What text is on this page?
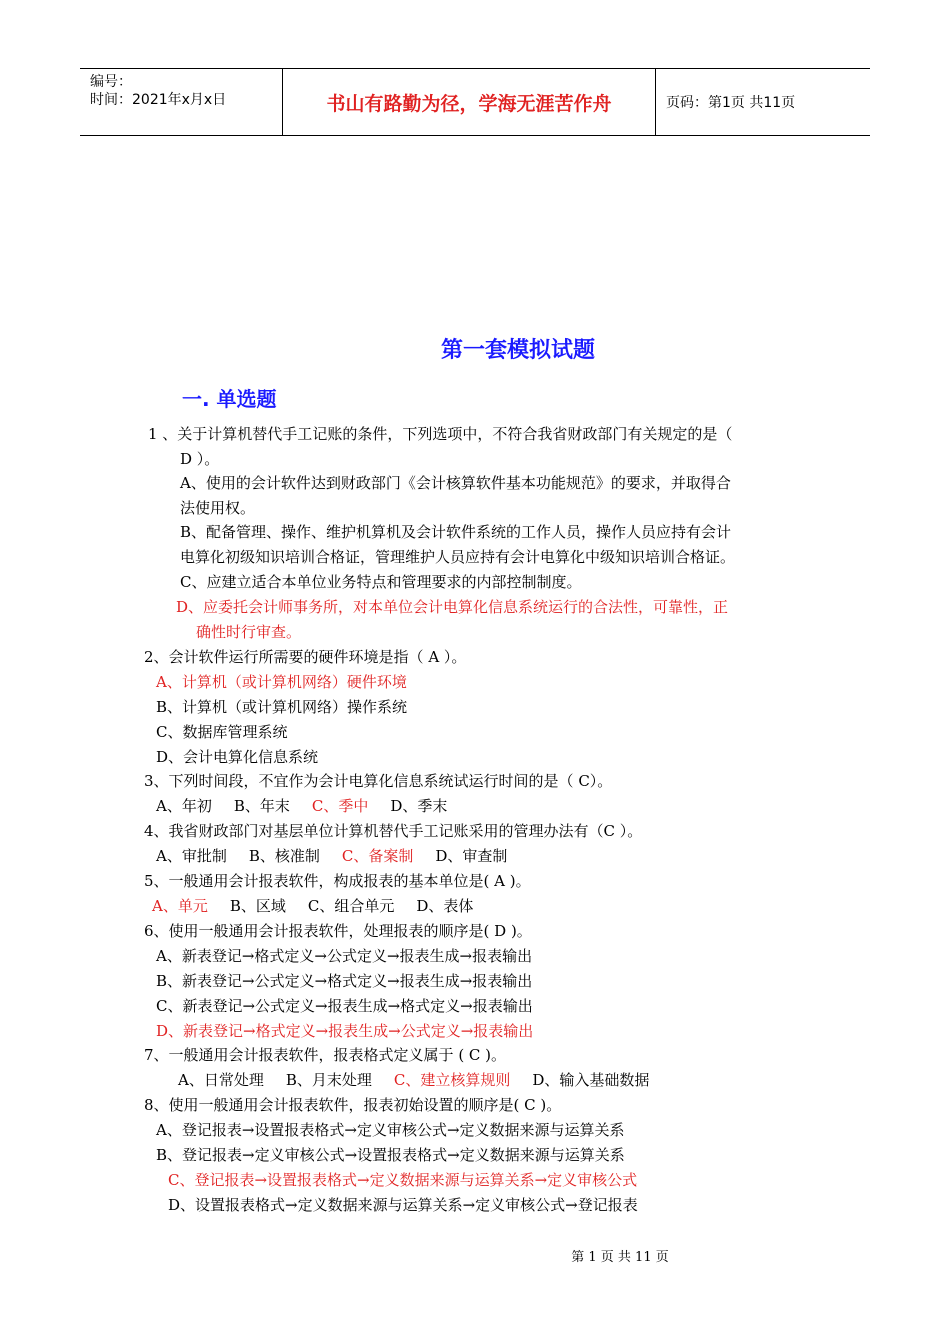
编号：
时间：2021年x月x日	书山有路勤为径，学海无涯苦作舟	页码：第1页 共11页
第一套模拟试题
一. 单选题
1 、关于计算机替代手工记账的条件，下列选项中，不符合我省财政部门有关规定的是（
D ）。
A、使用的会计软件达到财政部门《会计核算软件基本功能规范》的要求，并取得合
法使用权。
B、配备管理、操作、维护机算机及会计软件系统的工作人员，操作人员应持有会计
电算化初级知识培训合格证，管理维护人员应持有会计电算化中级知识培训合格证。
C、应建立适合本单位业务特点和管理要求的内部控制制度。
D、应委托会计师事务所，对本单位会计电算化信息系统运行的合法性，可靠性，正
确性时行审查。
2、会计软件运行所需要的硬件环境是指（ A ）。
A、计算机（或计算机网络）硬件环境
B、计算机（或计算机网络）操作系统
C、数据库管理系统
D、会计电算化信息系统
3、下列时间段，不宜作为会计电算化信息系统试运行时间的是（ C）。
A、年初 B、年末 C、季中 D、季末
4、我省财政部门对基层单位计算机替代手工记账采用的管理办法有（C ）。
A、审批制 B、核准制 C、备案制 D、审查制
5、一般通用会计报表软件，构成报表的基本单位是( A )。
A、单元 B、区域 C、组合单元 D、表体
6、使用一般通用会计报表软件，处理报表的顺序是( D )。
A、新表登记→格式定义→公式定义→报表生成→报表输出
B、新表登记→公式定义→格式定义→报表生成→报表输出
C、新表登记→公式定义→报表生成→格式定义→报表输出
D、新表登记→格式定义→报表生成→公式定义→报表输出
7、一般通用会计报表软件，报表格式定义属于 ( C )。
A、日常处理 B、月末处理 C、建立核算规则 D、输入基础数据
8、使用一般通用会计报表软件，报表初始设置的顺序是( C )。
A、登记报表→设置报表格式→定义审核公式→定义数据来源与运算关系
B、登记报表→定义审核公式→设置报表格式→定义数据来源与运算关系
C、登记报表→设置报表格式→定义数据来源与运算关系→定义审核公式
D、设置报表格式→定义数据来源与运算关系→定义审核公式→登记报表
第 1 页 共 11 页
